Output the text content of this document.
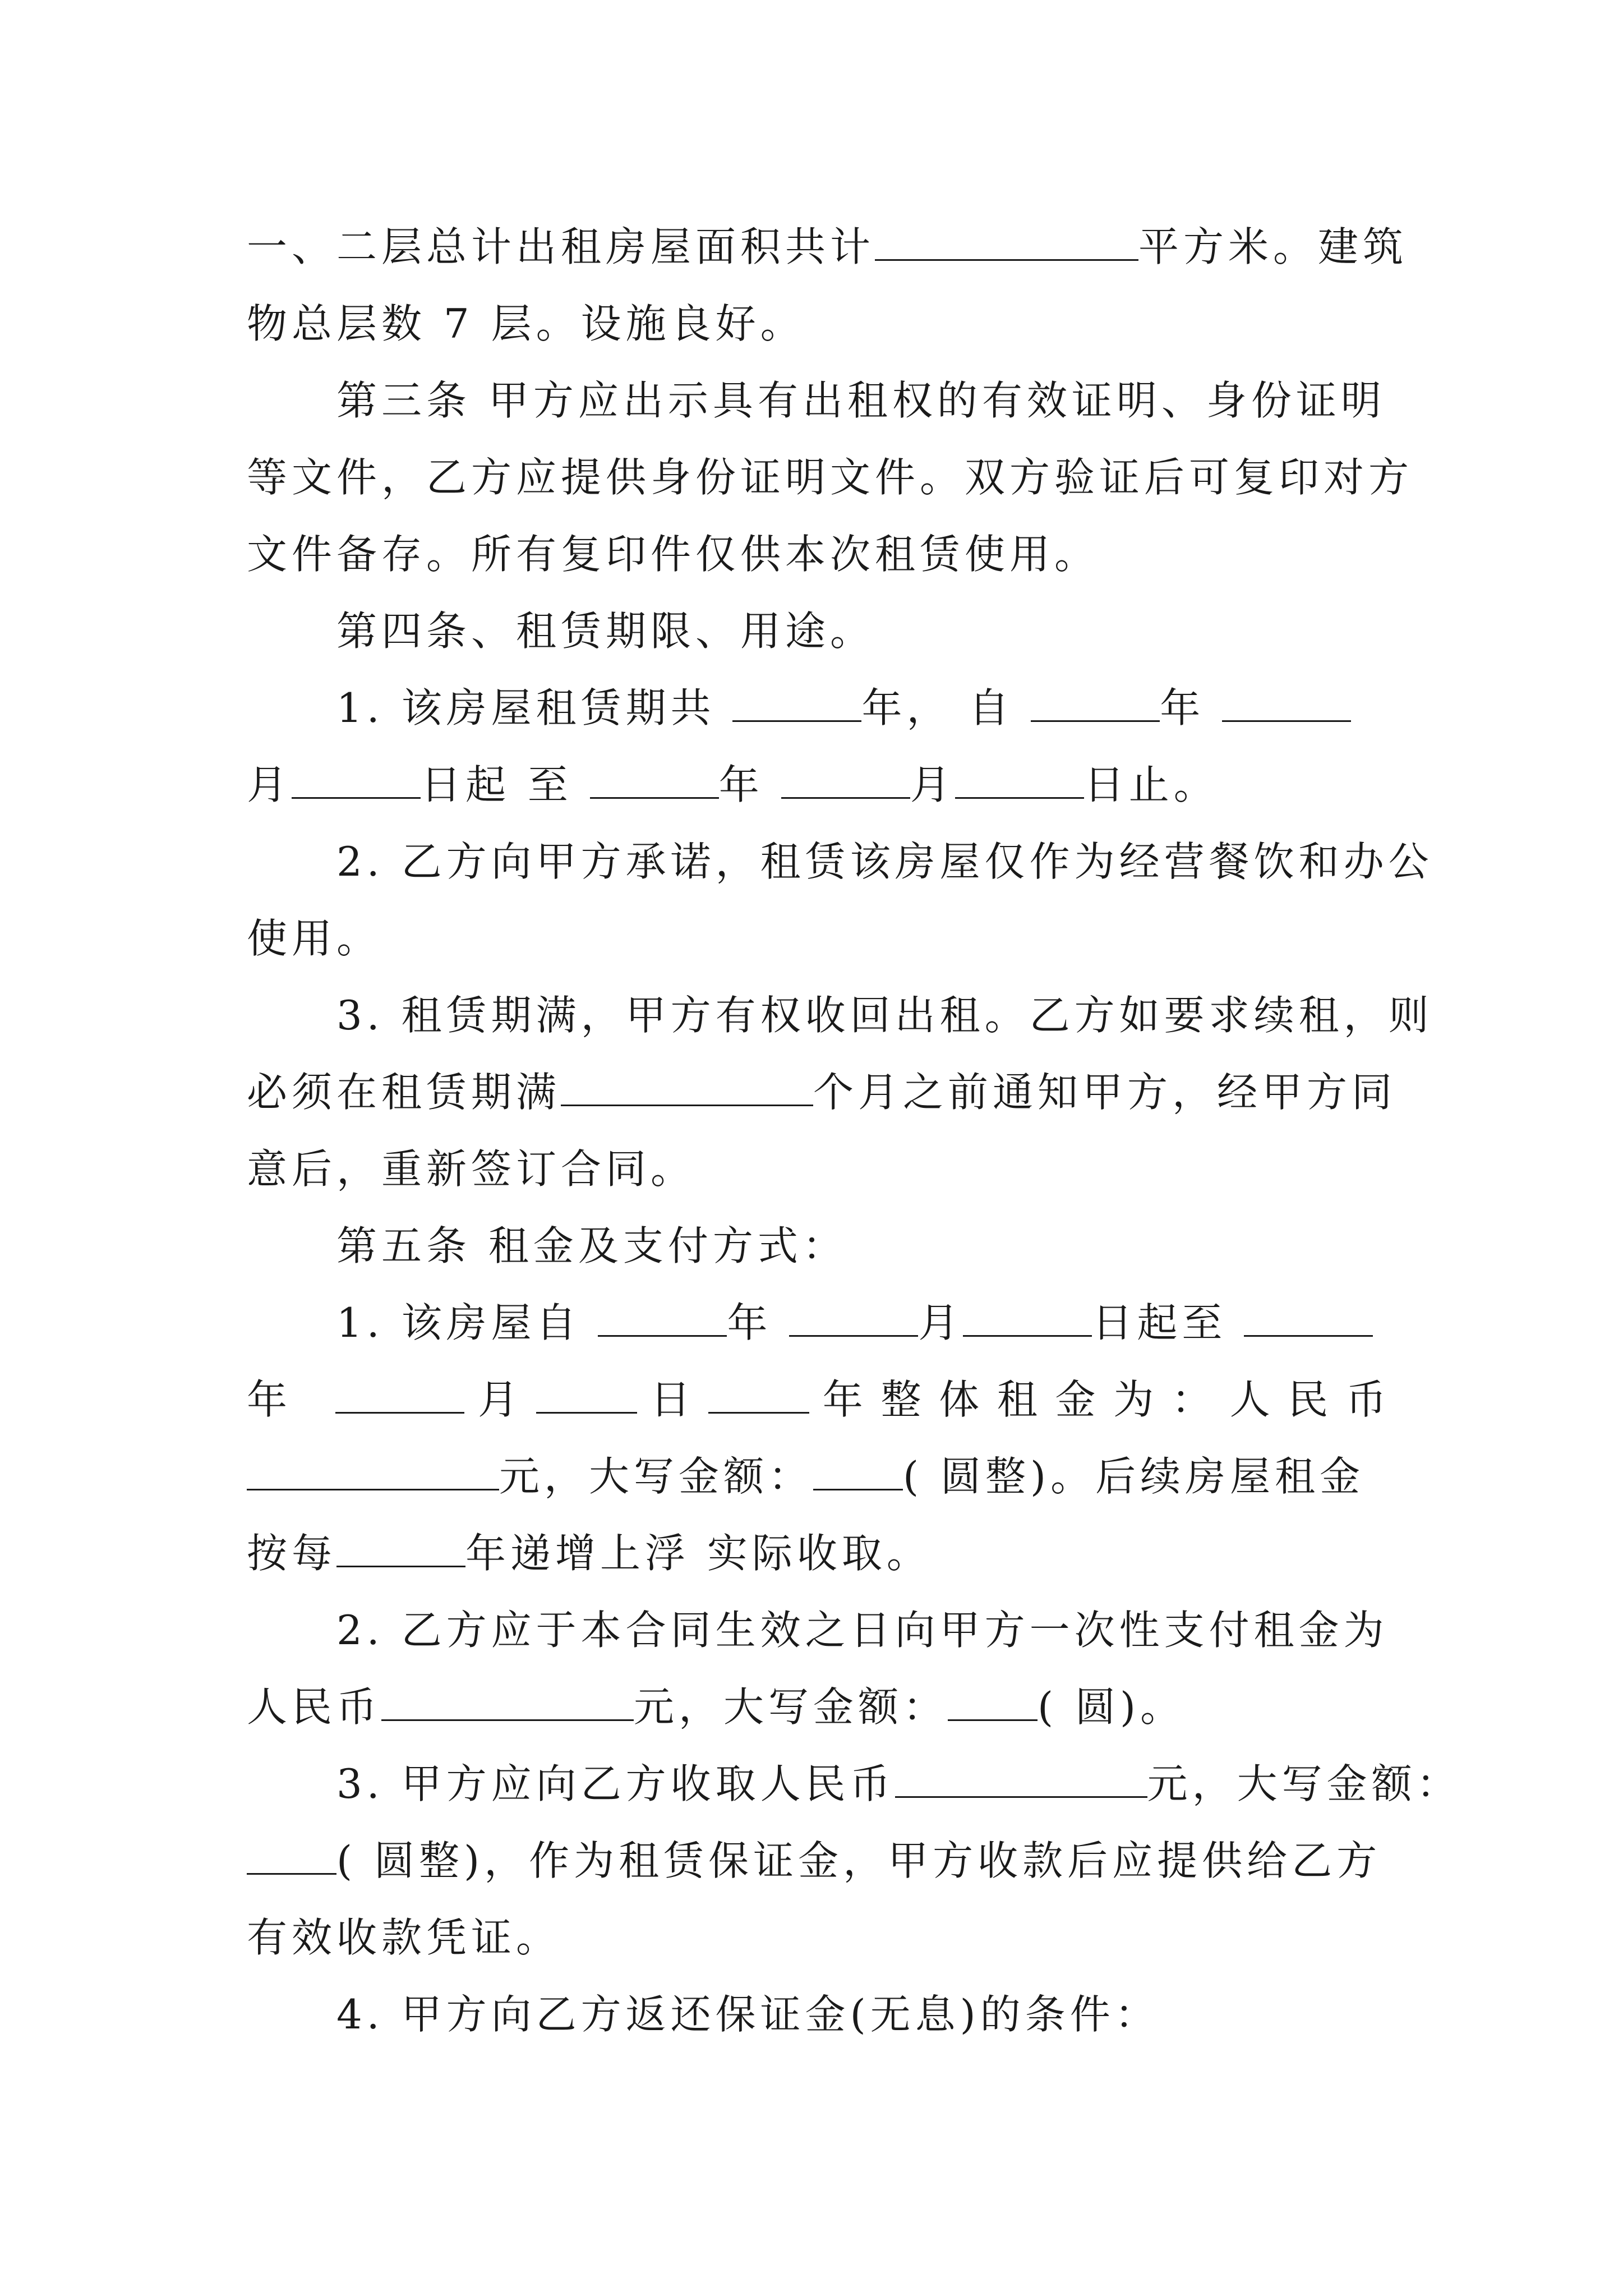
一、二层总计出租房屋面积共计	平方米。建筑
物总层数 7 层。设施良好。
第三条 甲方应出示具有出租权的有效证明、身份证明
等文件，乙方应提供身份证明文件。双方验证后可复印对方
文件备存。所有复印件仅供本次租赁使用。
第四条、租赁期限、用途。
1. 该房屋租赁期共	年， 自	年
月	日起 至	年	月	日止。
2. 乙方向甲方承诺，租赁该房屋仅作为经营餐饮和办公
使用。
3. 租赁期满，甲方有权收回出租。乙方如要求续租，则
必须在租赁期满	个月之前通知甲方，经甲方同
意后，重新签订合同。
第五条 租金及支付方式：
1. 该房屋自	年	月	日起至
年	月	日	年整体租金为：人民币
元，大写金额： ( 圆整)。后续房屋租金
按每	年递增上浮 实际收取。
2. 乙方应于本合同生效之日向甲方一次性支付租金为
人民币	元，大写金额： ( 圆)。
3. 甲方应向乙方收取人民币	元，大写金额：
( 圆整)，作为租赁保证金，甲方收款后应提供给乙方
有效收款凭证。
4. 甲方向乙方返还保证金(无息)的条件：
